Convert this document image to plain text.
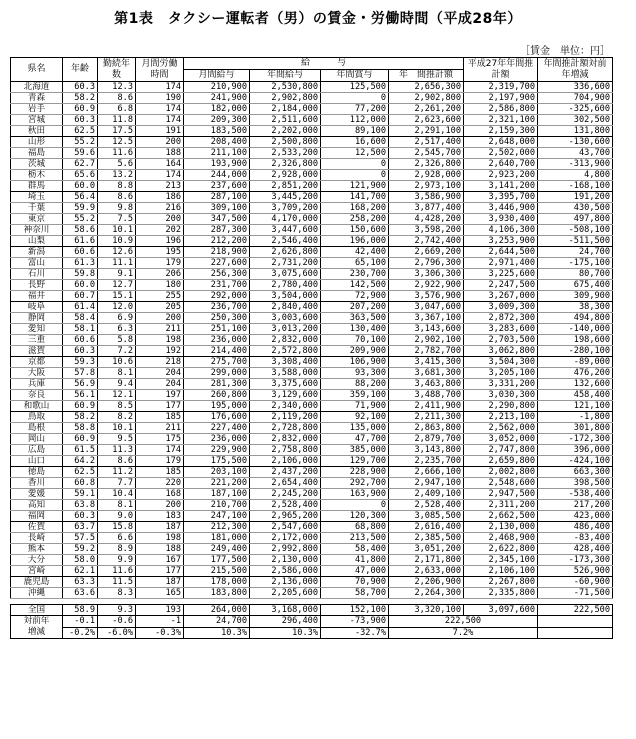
第1表　タクシー運転者（男）の賃金・労働時間（平成28年）
［賃金　単位：円］
県名	年齢	勤続年数	月間労働時間	給　　　与				平成27年年間推計額	年間推計額対前年増減
				月間給与	年間給与	年間賞与	年　間推計額		
北海道	60.3	12.3	174	210,900	2,530,800	125,500	2,656,300	2,319,700	336,600
青森	58.2	8.6	190	241,900	2,902,800	0	2,902,800	2,197,900	704,900
岩手	60.9	6.8	174	182,000	2,184,000	77,200	2,261,200	2,586,800	-325,600
宮城	60.3	11.8	174	209,300	2,511,600	112,000	2,623,600	2,321,100	302,500
秋田	62.5	17.5	191	183,500	2,202,000	89,100	2,291,100	2,159,300	131,800
山形	55.2	12.5	200	208,400	2,500,800	16,600	2,517,400	2,648,000	-130,600
福島	59.6	11.6	188	211,100	2,533,200	12,500	2,545,700	2,502,000	43,700
茨城	62.7	5.6	164	193,900	2,326,800	0	2,326,800	2,640,700	-313,900
栃木	65.6	13.2	174	244,000	2,928,000	0	2,928,000	2,923,200	4,800
群馬	60.0	8.8	213	237,600	2,851,200	121,900	2,973,100	3,141,200	-168,100
埼玉	56.4	8.6	186	287,100	3,445,200	141,700	3,586,900	3,395,700	191,200
千葉	59.9	9.8	216	309,100	3,709,200	168,200	3,877,400	3,446,900	430,500
東京	55.2	7.5	200	347,500	4,170,000	258,200	4,428,200	3,930,400	497,800
神奈川	58.6	10.1	202	287,300	3,447,600	150,600	3,598,200	4,106,300	-508,100
山梨	61.6	10.9	196	212,200	2,546,400	196,000	2,742,400	3,253,900	-511,500
新潟	60.6	12.6	195	218,900	2,626,800	42,400	2,669,200	2,644,500	24,700
富山	61.3	11.1	179	227,600	2,731,200	65,100	2,796,300	2,971,400	-175,100
石川	59.8	9.1	206	256,300	3,075,600	230,700	3,306,300	3,225,600	80,700
長野	60.0	12.7	180	231,700	2,780,400	142,500	2,922,900	2,247,500	675,400
福井	60.7	15.1	255	292,000	3,504,000	72,900	3,576,900	3,267,000	309,900
岐阜	61.4	12.0	205	236,700	2,840,400	207,200	3,047,600	3,009,300	38,300
静岡	58.4	6.9	200	250,300	3,003,600	363,500	3,367,100	2,872,300	494,800
愛知	58.1	6.3	211	251,100	3,013,200	130,400	3,143,600	3,283,600	-140,000
三重	60.6	5.8	198	236,000	2,832,000	70,100	2,902,100	2,703,500	198,600
滋賀	60.3	7.2	192	214,400	2,572,800	209,900	2,782,700	3,062,800	-280,100
京都	59.3	10.6	218	275,700	3,308,400	106,900	3,415,300	3,504,300	-89,000
大阪	57.8	8.1	204	299,000	3,588,000	93,300	3,681,300	3,205,100	476,200
兵庫	56.9	9.4	204	281,300	3,375,600	88,200	3,463,800	3,331,200	132,600
奈良	56.1	12.1	197	260,800	3,129,600	359,100	3,488,700	3,030,300	458,400
和歌山	60.9	8.5	177	195,000	2,340,000	71,900	2,411,900	2,290,800	121,100
鳥取	58.2	8.2	185	176,600	2,119,200	92,100	2,211,300	2,213,100	-1,800
島根	58.8	10.1	211	227,400	2,728,800	135,000	2,863,800	2,562,000	301,800
岡山	60.9	9.5	175	236,000	2,832,000	47,700	2,879,700	3,052,000	-172,300
広島	61.5	11.3	174	229,900	2,758,800	385,000	3,143,800	2,747,800	396,000
山口	64.2	8.6	179	175,500	2,106,000	129,700	2,235,700	2,659,800	-424,100
徳島	62.5	11.2	185	203,100	2,437,200	228,900	2,666,100	2,002,800	663,300
香川	60.8	7.7	220	221,200	2,654,400	292,700	2,947,100	2,548,600	398,500
愛媛	59.1	10.4	168	187,100	2,245,200	163,900	2,409,100	2,947,500	-538,400
高知	63.8	8.1	200	210,700	2,528,400	0	2,528,400	2,311,200	217,200
福岡	60.3	9.0	183	247,100	2,965,200	120,300	3,085,500	2,662,500	423,000
佐賀	63.7	15.8	187	212,300	2,547,600	68,800	2,616,400	2,130,000	486,400
長崎	57.5	6.6	198	181,000	2,172,000	213,500	2,385,500	2,468,900	-83,400
熊本	59.2	8.9	188	249,400	2,992,800	58,400	3,051,200	2,622,800	428,400
大分	58.0	9.9	167	177,500	2,130,000	41,800	2,171,800	2,345,100	-173,300
宮崎	62.1	11.6	177	215,500	2,586,000	47,000	2,633,000	2,106,100	526,900
鹿児島	63.3	11.5	187	178,000	2,136,000	70,900	2,206,900	2,267,800	-60,900
沖縄	63.6	8.3	165	183,800	2,205,600	58,700	2,264,300	2,335,800	-71,500

全国	58.9	9.3	193	264,000	3,168,000	152,100	3,320,100	3,097,600	222,500

対前年
増減	-0.1	-0.6	-1	24,700	296,400	-73,900	222,500		
	-0.2%	-6.0%	-0.3%	10.3%	10.3%	-32.7%	7.2%		
